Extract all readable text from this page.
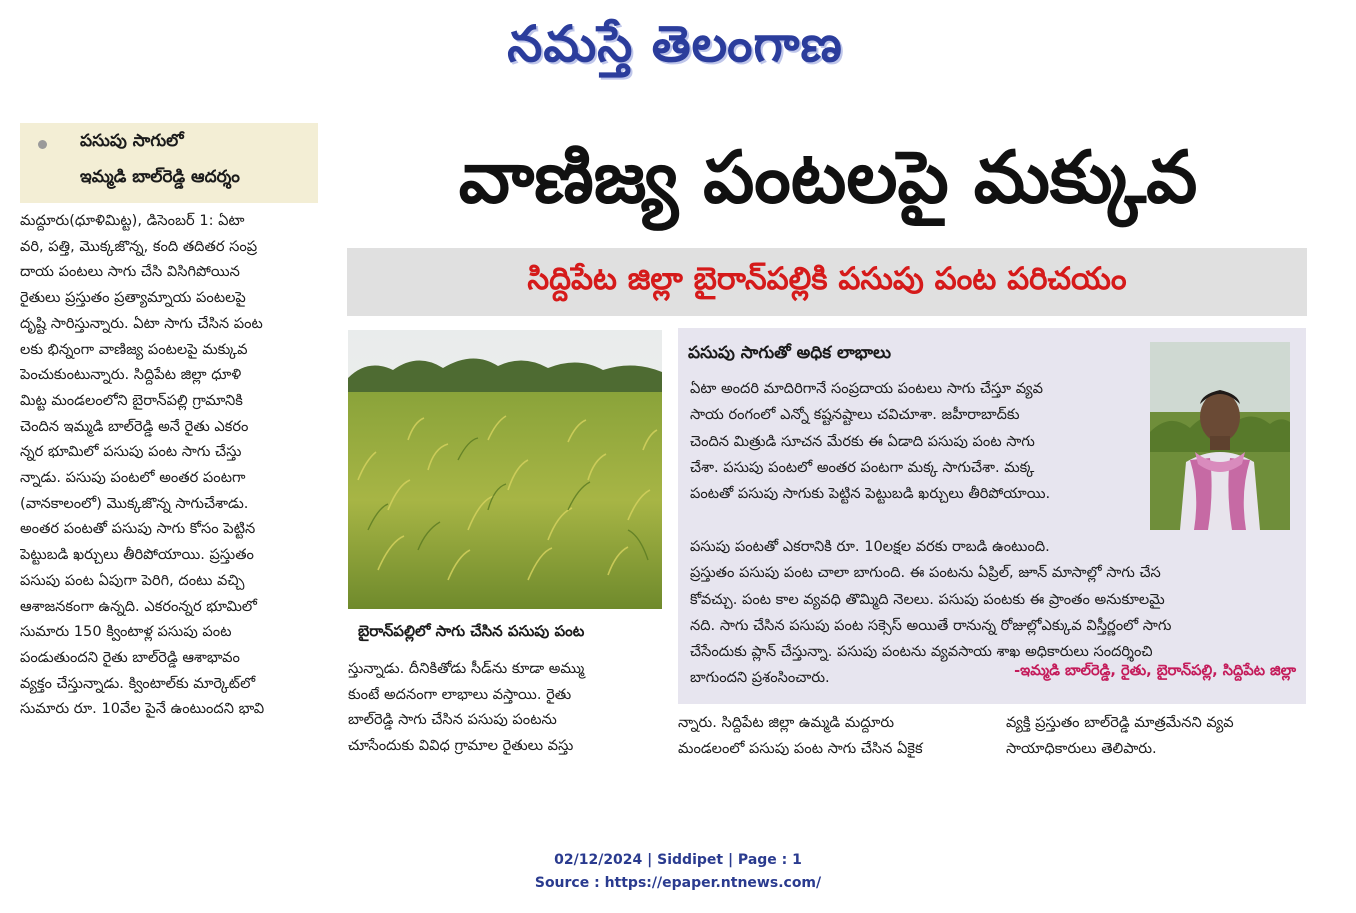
నమస్తే తెలంగాణ
పసుపు సాగులో
ఇమ్మడి బాల్‌రెడ్డి ఆదర్శం	వాణిజ్య పంటలపై మక్కువ
సిద్దిపేట జిల్లా బైరాన్‌పల్లికి పసుపు పంట పరిచయం
మద్దూరు(ధూళిమిట్ట), డిసెంబర్ 1: ఏటా
వరి, పత్తి, మొక్కజొన్న, కంది తదితర సంప్ర
దాయ పంటలు సాగు చేసి విసిగిపోయిన
రైతులు ప్రస్తుతం ప్రత్యామ్నాయ పంటలపై
దృష్టి సారిస్తున్నారు. ఏటా సాగు చేసిన పంట
లకు భిన్నంగా వాణిజ్య పంటలపై మక్కువ
పెంచుకుంటున్నారు. సిద్దిపేట జిల్లా ధూళి
మిట్ట మండలంలోని బైరాన్‌పల్లి గ్రామానికి
చెందిన ఇమ్మడి బాల్‌రెడ్డి అనే రైతు ఎకరం
న్నర భూమిలో పసుపు పంట సాగు చేస్తు
న్నాడు. పసుపు పంటలో అంతర పంటగా
(వానకాలంలో) మొక్కజొన్న సాగుచేశాడు.
అంతర పంటతో పసుపు సాగు కోసం పెట్టిన
పెట్టుబడి ఖర్చులు తీరిపోయాయి. ప్రస్తుతం
పసుపు పంట ఏపుగా పెరిగి, దంటు వచ్చి
ఆశాజనకంగా ఉన్నది. ఎకరంన్నర భూమిలో
సుమారు 150 క్వింటాళ్ల పసుపు పంట
పండుతుందని రైతు బాల్‌రెడ్డి ఆశాభావం
వ్యక్తం చేస్తున్నాడు. క్వింటాల్‌కు మార్కెట్‌లో
సుమారు రూ. 10వేల పైనే ఉంటుందని భావి
బైరాన్‌పల్లిలో సాగు చేసిన పసుపు పంట
స్తున్నాడు. దీనికితోడు సీడ్‌ను కూడా అమ్ము
కుంటే అదనంగా లాభాలు వస్తాయి. రైతు
బాల్‌రెడ్డి సాగు చేసిన పసుపు పంటను
చూసేందుకు వివిధ గ్రామాల రైతులు వస్తు
పసుపు సాగుతో అధిక లాభాలు
ఏటా అందరి మాదిరిగానే సంప్రదాయ పంటలు సాగు చేస్తూ వ్యవ
సాయ రంగంలో ఎన్నో కష్టనష్టాలు చవిచూశా. జహీరాబాద్‌కు
చెందిన మిత్రుడి సూచన మేరకు ఈ ఏడాది పసుపు పంట సాగు
చేశా. పసుపు పంటలో అంతర పంటగా మక్క సాగుచేశా. మక్క
పంటతో పసుపు సాగుకు పెట్టిన పెట్టుబడి ఖర్చులు తీరిపోయాయి.
పసుపు పంటతో ఎకరానికి రూ. 10లక్షల వరకు రాబడి ఉంటుంది.
ప్రస్తుతం పసుపు పంట చాలా బాగుంది. ఈ పంటను ఏప్రిల్, జూన్ మాసాల్లో సాగు చేస
కోవచ్చు. పంట కాల వ్యవధి తొమ్మిది నెలలు. పసుపు పంటకు ఈ ప్రాంతం అనుకూలమై
నది. సాగు చేసిన పసుపు పంట సక్సెస్ అయితే రానున్న రోజుల్లోఎక్కువ విస్తీర్ణంలో సాగు
చేసేందుకు ప్లాన్ చేస్తున్నా. పసుపు పంటను వ్యవసాయ శాఖ అధికారులు సందర్శించి
బాగుందని ప్రశంసించారు.	-ఇమ్మడి బాల్‌రెడ్డి, రైతు, బైరాన్‌పల్లి, సిద్దిపేట జిల్లా
న్నారు. సిద్దిపేట జిల్లా ఉమ్మడి మద్దూరు
మండలంలో పసుపు పంట సాగు చేసిన ఏకైక
వ్యక్తి ప్రస్తుతం బాల్‌రెడ్డి మాత్రమేనని వ్యవ
సాయాధికారులు తెలిపారు.
02/12/2024 | Siddipet | Page : 1
Source : https://epaper.ntnews.com/
